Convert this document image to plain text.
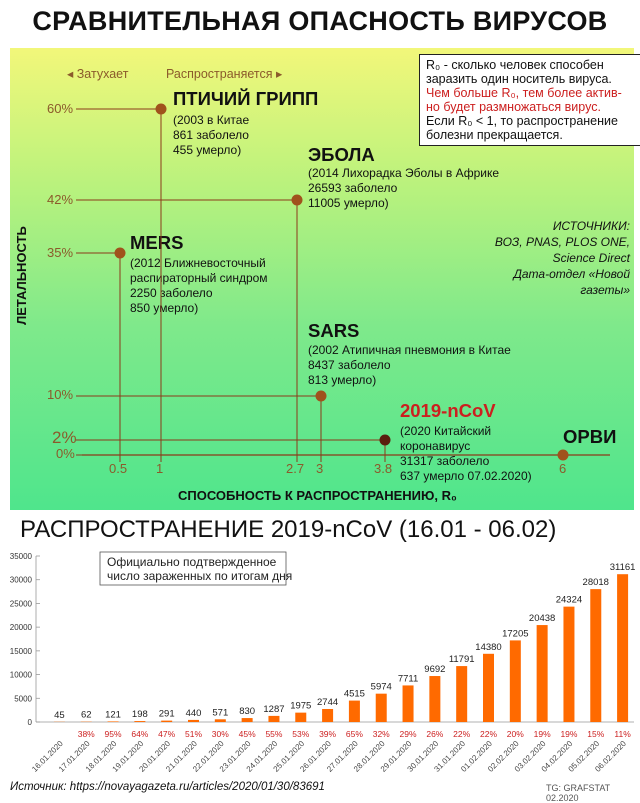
СРАВНИТЕЛЬНАЯ ОПАСНОСТЬ ВИРУСОВ
◂ Затухает	Распространяется ▸
R₀ - сколько человек способен заразить один носитель вируса.
Чем больше R₀, тем более актив- но будет размножаться вирус.
Если R₀ < 1, то распространение болезни прекращается.
ИСТОЧНИКИ:
ВОЗ, PNAS, PLOS ONE,
Science Direct
Дата-отдел «Новой газеты»
ЛЕТАЛЬНОСТЬ
СПОСОБНОСТЬ К РАСПРОСТРАНЕНИЮ, R₀
60%
42%
35%
10%
2%
0%
0.5 1	2.7 3	3.8	6
ПТИЧИЙ ГРИПП
(2003 в Китае
861 заболело
455 умерло)	ЭБОЛА
(2014 Лихорадка Эболы в Африке
26593 заболело
11005 умерло)
MERS
(2012 Ближневосточный
распираторный синдром
2250 заболело
850 умерло)
SARS
(2002 Атипичная пневмония в Китае
8437 заболело
813 умерло)
2019-nCoV
(2020 Китайский
коронавирус
31317 заболело
637 умерло 07.02.2020)
ОРВИ
РАСПРОСТРАНЕНИЕ 2019-nCoV (16.01 - 06.02)
35000
30000
25000
20000
15000
10000
5000
0
Официально подтвержденное
число зараженных по итогам дня
45
16.01.2020
62
38%
17.01.2020
121
95%
18.01.2020
198
64%
19.01.2020
291
47%
20.01.2020
440
51%
21.01.2020
571
30%
22.01.2020
830
45%
23.01.2020
1287
55%
24.01.2020
1975
53%
25.01.2020
2744
39%
26.01.2020
4515
65%
27.01.2020
5974
32%
28.01.2020
7711
29%
29.01.2020
9692
26%
30.01.2020
11791
22%
31.01.2020
14380
22%
01.02.2020
17205
20%
02.02.2020
20438
19%
03.02.2020
24324
19%
04.02.2020
28018
15%
05.02.2020
31161
11%
06.02.2020
Источник: https://novayagazeta.ru/articles/2020/01/30/83691	TG: GRAFSTAT 02.2020
